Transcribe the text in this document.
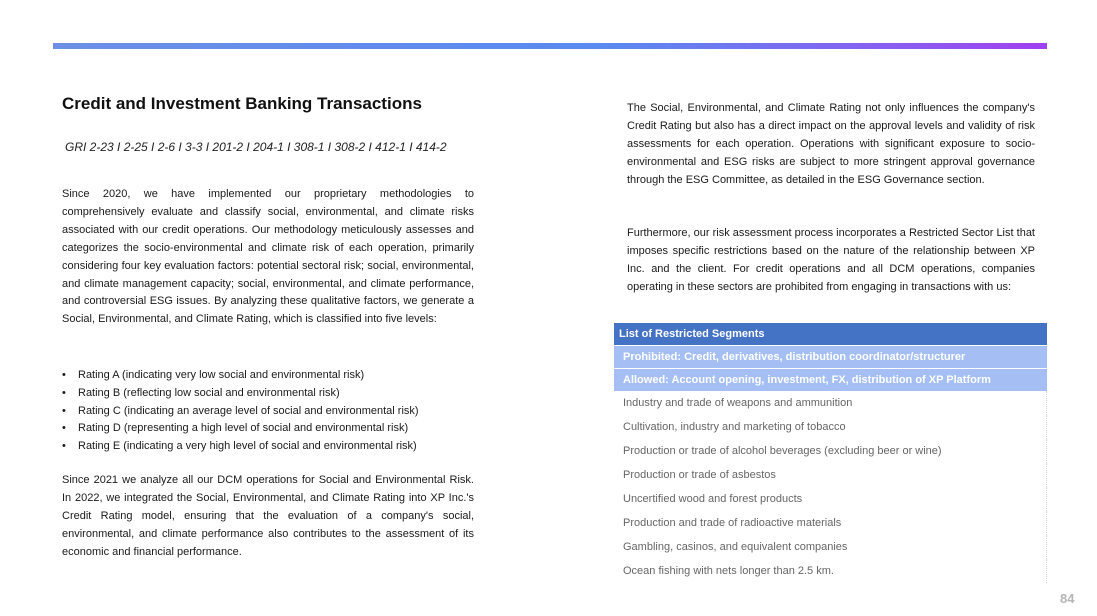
Credit and Investment Banking Transactions
GRI 2-23 I 2-25 I 2-6 I 3-3 I 201-2 I 204-1 I 308-1 I 308-2 I 412-1 I 414-2

Since 2020, we have implemented our proprietary methodologies to comprehensively evaluate and classify social, environmental, and climate risks associated with our credit operations. Our methodology meticulously assesses and categorizes the socio-environmental and climate risk of each operation, primarily considering four key evaluation factors: potential sectoral risk; social, environmental, and climate management capacity; social, environmental, and climate performance, and controversial ESG issues. By analyzing these qualitative factors, we generate a Social, Environmental, and Climate Rating, which is classified into five levels:

• Rating A (indicating very low social and environmental risk)
• Rating B (reflecting low social and environmental risk)
• Rating C (indicating an average level of social and environmental risk)
• Rating D (representing a high level of social and environmental risk)
• Rating E (indicating a very high level of social and environmental risk)

Since 2021 we analyze all our DCM operations for Social and Environmental Risk. In 2022, we integrated the Social, Environmental, and Climate Rating into XP Inc.'s Credit Rating model, ensuring that the evaluation of a company's social, environmental, and climate performance also contributes to the assessment of its economic and financial performance.

The Social, Environmental, and Climate Rating not only influences the company's Credit Rating but also has a direct impact on the approval levels and validity of risk assessments for each operation. Operations with significant exposure to socio-environmental and ESG risks are subject to more stringent approval governance through the ESG Committee, as detailed in the ESG Governance section.

Furthermore, our risk assessment process incorporates a Restricted Sector List that imposes specific restrictions based on the nature of the relationship between XP Inc. and the client. For credit operations and all DCM operations, companies operating in these sectors are prohibited from engaging in transactions with us:

List of Restricted Segments
Prohibited: Credit, derivatives, distribution coordinator/structurer
Allowed: Account opening, investment, FX, distribution of XP Platform
Industry and trade of weapons and ammunition
Cultivation, industry and marketing of tobacco
Production or trade of alcohol beverages (excluding beer or wine)
Production or trade of asbestos
Uncertified wood and forest products
Production and trade of radioactive materials
Gambling, casinos, and equivalent companies
Ocean fishing with nets longer than 2.5 km.
84
